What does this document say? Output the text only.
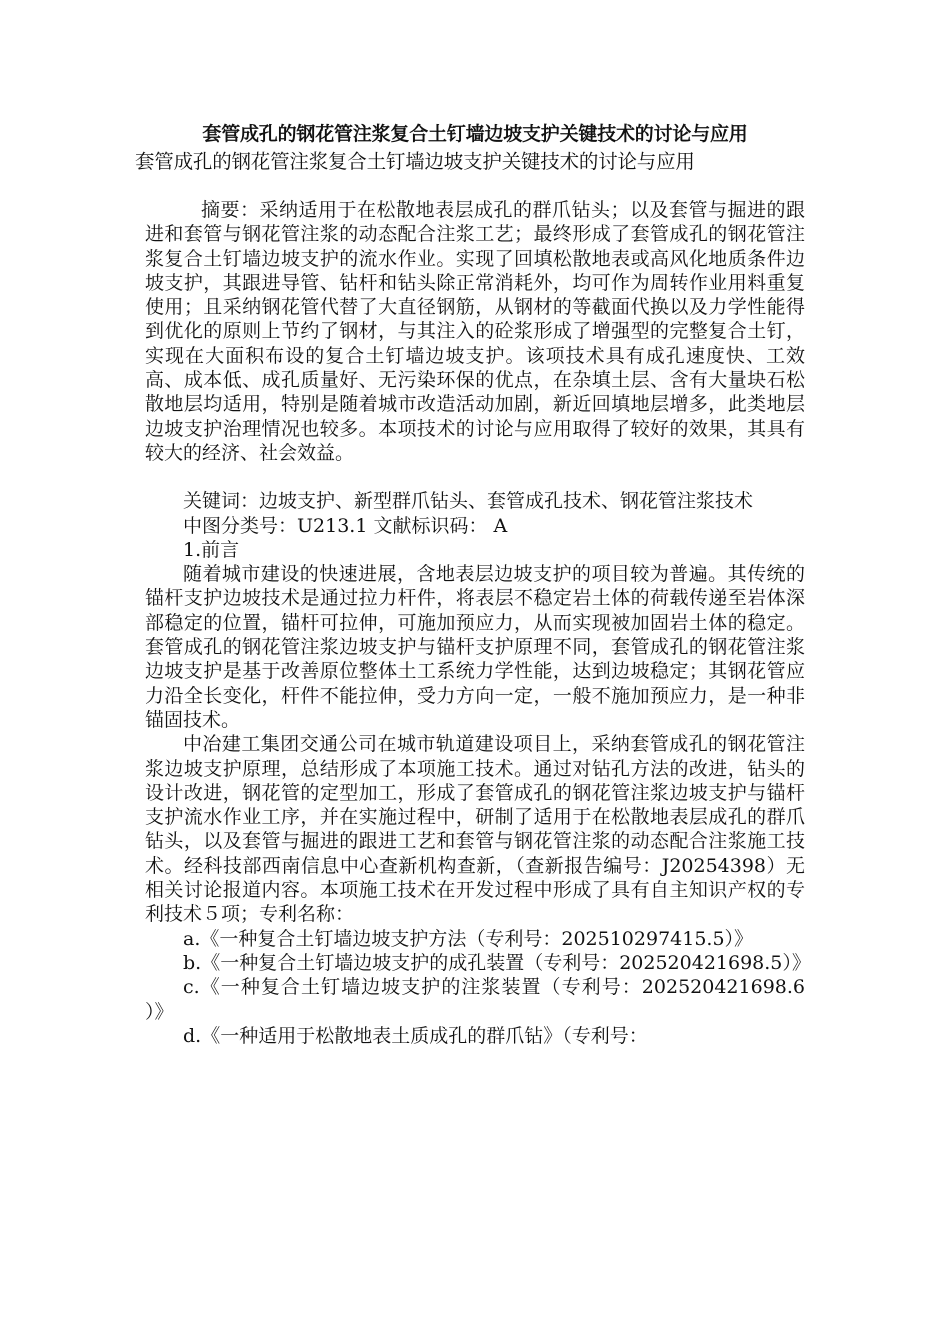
套管成孔的钢花管注浆复合土钉墙边坡支护关键技术的讨论与应用
套管成孔的钢花管注浆复合土钉墙边坡支护关键技术的讨论与应用

摘要：采纳适用于在松散地表层成孔的群爪钻头；以及套管与掘进的跟进和套管与钢花管注浆的动态配合注浆工艺；最终形成了套管成孔的钢花管注浆复合土钉墙边坡支护的流水作业。实现了回填松散地表或高风化地质条件边坡支护，其跟进导管、钻杆和钻头除正常消耗外，均可作为周转作业用料重复使用；且采纳钢花管代替了大直径钢筋，从钢材的等截面代换以及力学性能得到优化的原则上节约了钢材，与其注入的砼浆形成了增强型的完整复合土钉，实现在大面积布设的复合土钉墙边坡支护。该项技术具有成孔速度快、工效高、成本低、成孔质量好、无污染环保的优点，在杂填土层、含有大量块石松散地层均适用，特别是随着城市改造活动加剧，新近回填地层增多，此类地层边坡支护治理情况也较多。本项技术的讨论与应用取得了较好的效果，其具有较大的经济、社会效益。

关键词：边坡支护、新型群爪钻头、套管成孔技术、钢花管注浆技术

中图分类号：U213.1 文献标识码： A

1.前言

随着城市建设的快速进展，含地表层边坡支护的项目较为普遍。其传统的锚杆支护边坡技术是通过拉力杆件，将表层不稳定岩土体的荷载传递至岩体深部稳定的位置，锚杆可拉伸，可施加预应力，从而实现被加固岩土体的稳定。套管成孔的钢花管注浆边坡支护与锚杆支护原理不同，套管成孔的钢花管注浆边坡支护是基于改善原位整体土工系统力学性能，达到边坡稳定；其钢花管应力沿全长变化，杆件不能拉伸，受力方向一定，一般不施加预应力，是一种非锚固技术。

中冶建工集团交通公司在城市轨道建设项目上，采纳套管成孔的钢花管注浆边坡支护原理，总结形成了本项施工技术。通过对钻孔方法的改进，钻头的设计改进，钢花管的定型加工，形成了套管成孔的钢花管注浆边坡支护与锚杆支护流水作业工序，并在实施过程中，研制了适用于在松散地表层成孔的群爪钻头，以及套管与掘进的跟进工艺和套管与钢花管注浆的动态配合注浆施工技术。经科技部西南信息中心查新机构查新，（查新报告编号：J20254398）无相关讨论报道内容。本项施工技术在开发过程中形成了具有自主知识产权的专利技术５项；专利名称：

a.《一种复合土钉墙边坡支护方法（专利号：202510297415.5）》

b.《一种复合土钉墙边坡支护的成孔装置（专利号：202520421698.5）》

c.《一种复合土钉墙边坡支护的注浆装置（专利号：202520421698.6 ）》

d.《一种适用于松散地表土质成孔的群爪钻》（专利号：
